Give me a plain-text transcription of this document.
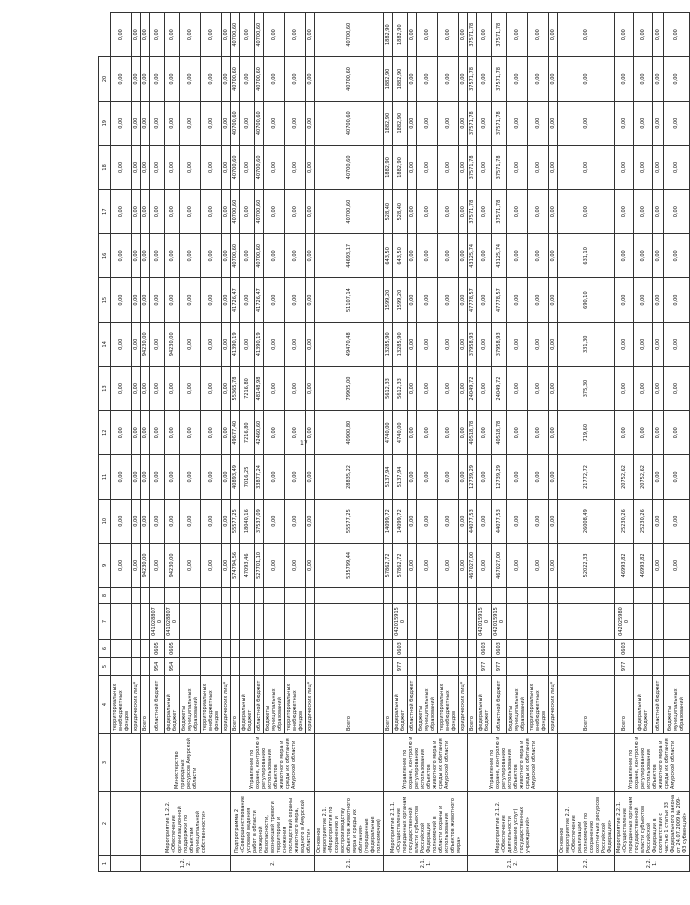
17
1	2	3	4	5	6	7	8	9	10	11	12	13	14	15	16	17	18	19	20	
			территориальных внебюджетных фондов					0,00	0,00	0,00	0,00	0,00	0,00	0,00	0,00	0,00	0,00	0,00	0,00	0,00
			юридических лиц*					0,00	0,00	0,00	0,00	0,00	0,00	0,00	0,00	0,00	0,00	0,00	0,00	0,00
1.2.2.	Мероприятие 1.2.2. «Обеспечение организационной поддержки по объектам муниципальной собственности»	Министерство природных ресурсов Амурской области	Всего					94230,00	0,00	0,00	0,00	0,00	94230,00	0,00	0,00	0,00	0,00	0,00	0,00	0,00
			областной бюджет	954	0605	0410288070		0,00	0,00	0,00	0,00	0,00	0,00	0,00	0,00	0,00	0,00	0,00	0,00	0,00
			федеральный бюджет	954	0605	0410288070		94230,00	0,00	0,00	0,00	0,00	94230,00	0,00	0,00	0,00	0,00	0,00	0,00	0,00
			бюджеты муниципальных образований					0,00	0,00	0,00	0,00	0,00	0,00	0,00	0,00	0,00	0,00	0,00	0,00	0,00
			территориальных внебюджетных фондов					0,00	0,00	0,00	0,00	0,00	0,00	0,00	0,00	0,00	0,00	0,00	0,00	0,00
			юридических лиц*					0,00	0,00	0,00	0,00	0,00	0,00	0,00	0,00	0,00	0,00	0,00	0,00	0,00
2.	Подпрограмма 2 «Совершенствование условий ведения работ в области пожарной безопасности, возникшей тревоги территории и снижения последствий охраны животного мира, водного в Амурской области»	Управление по охране, контролю и регулированию использования объектов животного мира и среды их обитания Амурской области	Всего					574794,56	55577,25	40893,49	49677,40	55365,78	41390,19	41726,47	40700,60	40700,60	40700,60	40700,60	40700,60	40700,60
			федеральный бюджет					47093,46	18040,16	7016,25	7216,80	7216,80	0,00	0,00	0,00	0,00	0,00	0,00	0,00	0,00
			областной бюджет					527701,10	37537,09	33877,24	42460,60	48148,98	41390,19	41726,47	40700,60	40700,60	40700,60	40700,60	40700,60	40700,60
			бюджеты муниципальных образований					0,00	0,00	0,00	0,00	0,00	0,00	0,00	0,00	0,00	0,00	0,00	0,00	0,00
			территориальных внебюджетных фондов					0,00	0,00	0,00	0,00	0,00	0,00	0,00	0,00	0,00	0,00	0,00	0,00	0,00
			юридических лиц*					0,00	0,00	0,00	0,00	0,00	0,00	0,00	0,00	0,00	0,00	0,00	0,00	0,00
2.1.	Основное мероприятие 2.1. «Мероприятия по сохранению и воспроизводству объектов животного мира и среды их обитания» (переданные федеральные полномочия)		Всего					535799,44	55577,25	28835,22	40900,80	79905,00	49470,48	51107,14	44693,17	40700,60	40700,60	40700,60	40700,60	40700,60
2.1.1.	Мероприятие 2.1.1. «Осуществление переданных органам государственной власти субъектов Российской Федерации полномочий в области охраны и использования объектов животного мира»	Управление по охране, контролю и регулированию использования объектов животного мира и среды их обитания Амурской области	Всего					57862,72	14099,72	5137,94	4740,00	5612,33	13285,90	1599,20	643,50	528,40	1882,90	1882,90	1882,90	1882,90
			федеральный бюджет	977	0603	0420159150		57862,72	14099,72	5137,94	4740,00	5612,33	13285,90	1599,20	643,50	528,40	1882,90	1882,90	1882,90	1882,90
			областной бюджет					0,00	0,00	0,00	0,00	0,00	0,00	0,00	0,00	0,00	0,00	0,00	0,00	0,00
			бюджеты муниципальных образований					0,00	0,00	0,00	0,00	0,00	0,00	0,00	0,00	0,00	0,00	0,00	0,00	0,00
			территориальных внебюджетных фондов					0,00	0,00	0,00	0,00	0,00	0,00	0,00	0,00	0,00	0,00	0,00	0,00	0,00
			юридических лиц*					0,00	0,00	0,00	0,00	0,00	0,00	0,00	0,00	0,00	0,00	0,00	0,00	0,00
2.1.2.	Мероприятие 2.1.2. «Обеспечение деятельности (оказание услуг) государственных учреждений»	Управление по охране, контролю и регулированию использования объектов животного мира и среды их обитания Амурской области	Всего					467027,00	44077,53	12739,29	40518,78	24049,72	37958,93	47778,57	43125,74	37571,78	37571,78	37571,78	37571,78	37571,78
			федеральный бюджет	977	0603	0420159150		0,00	0,00	0,00	0,00	0,00	0,00	0,00	0,00	0,00	0,00	0,00	0,00	0,00
			областной бюджет	977	0603	0420159150		467027,00	44077,53	12739,29	40518,78	24049,72	37958,93	47778,57	43125,74	37571,78	37571,78	37571,78	37571,78	37571,78
			бюджеты муниципальных образований					0,00	0,00	0,00	0,00	0,00	0,00	0,00	0,00	0,00	0,00	0,00	0,00	0,00
			территориальных внебюджетных фондов					0,00	0,00	0,00	0,00	0,00	0,00	0,00	0,00	0,00	0,00	0,00	0,00	0,00
			юридических лиц*					0,00	0,00	0,00	0,00	0,00	0,00	0,00	0,00	0,00	0,00	0,00	0,00	0,00
2.2.	Основное мероприятие 2.2. «Обеспечение реализации полномочий по сохранению охотничьих ресурсов Российской Федерации»		Всего					52022,33	26008,49	21772,72	719,60	375,30	331,30	690,10	631,10	0,00	0,00	0,00	0,00	0,00
2.2.1.	Мероприятие 2.2.1. «Осуществление переданных органам государственной власти субъектов Российской Федерации в соответствии с частью 1 статьи 33 Федерального закона от 24.07.2009 № 209-ФЗ субвенций»	Управление по охране, контролю и регулированию использования объектов животного мира и среды их обитания Амурской области	Всего	977	0603	0420259800		46993,82	25230,26	20752,62	0,00	0,00	0,00	0,00	0,00	0,00	0,00	0,00	0,00	0,00
			федеральный бюджет					46993,82	25230,26	20752,62	0,00	0,00	0,00	0,00	0,00	0,00	0,00	0,00	0,00	0,00
			областной бюджет					0,00	0,00	0,00	0,00	0,00	0,00	0,00	0,00	0,00	0,00	0,00	0,00	0,00
			бюджеты муниципальных образований					0,00	0,00	0,00	0,00	0,00	0,00	0,00	0,00	0,00	0,00	0,00	0,00	0,00
